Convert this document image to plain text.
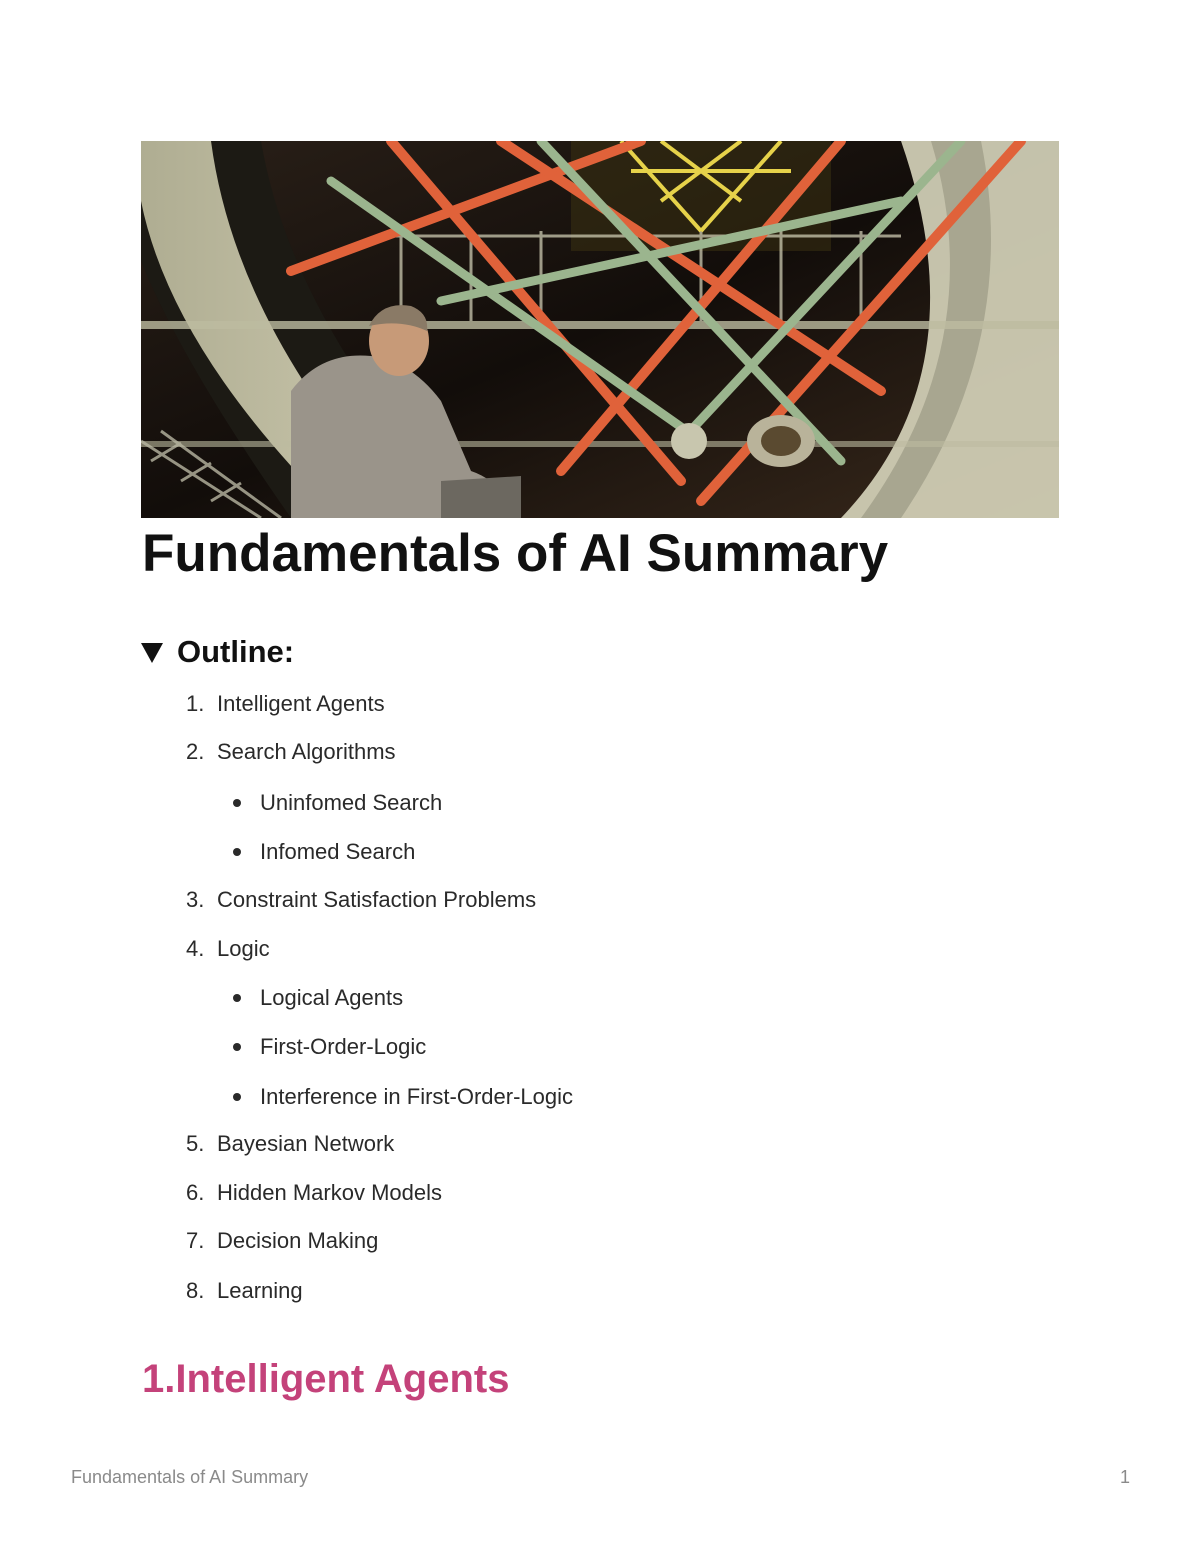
Fundamentals of AI Summary
Outline:
1. Intelligent Agents
2. Search Algorithms
Uninfomed Search
Infomed Search
3. Constraint Satisfaction Problems
4. Logic
Logical Agents
First-Order-Logic
Interference in First-Order-Logic
5. Bayesian Network
6. Hidden Markov Models
7. Decision Making
8. Learning
1.Intelligent Agents
Fundamentals of AI Summary	1
